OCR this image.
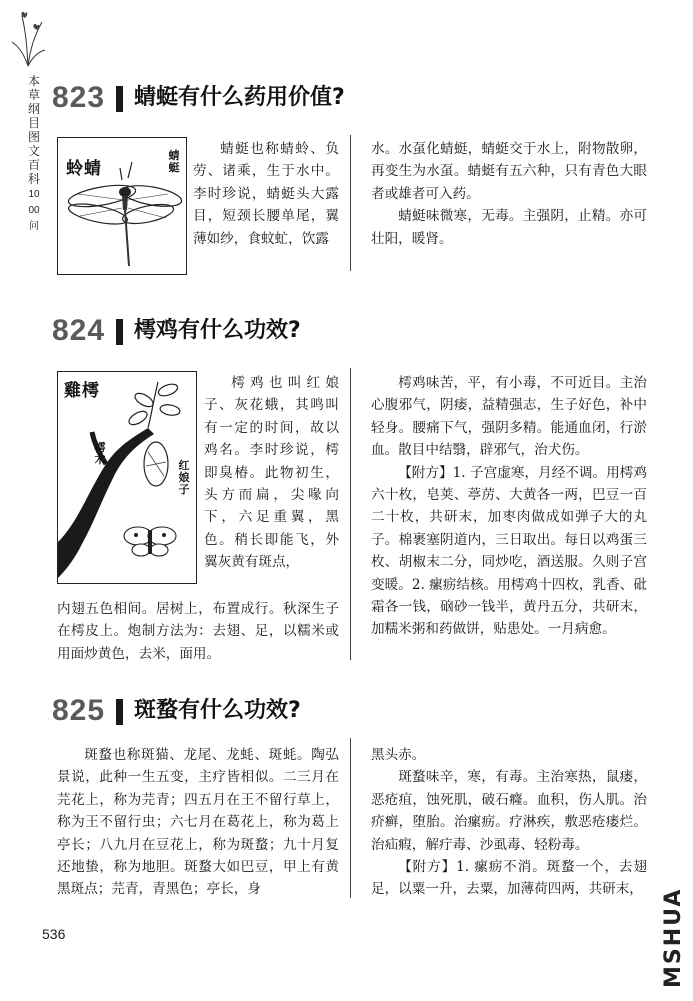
本草纲目图文百科
1000问
823 蜻蜓有什么药用价值?
蛉蜻
蜻蜓

蜻蜓也称蜻蛉、负劳、诸乘，生于水中。李时珍说，蜻蜓头大露目，短颈长腰单尾，翼薄如纱，食蚊虻，饮露

水。水虿化蜻蜓，蜻蜓交于水上，附物散卵，再变生为水虿。蜻蜓有五六种，只有青色大眼者或雄者可入药。

蜻蜓味微寒，无毒。主强阴，止精。亦可壮阳，暖肾。

824 樗鸡有什么功效?
雞樗
樗木	红娘子

樗鸡也叫红娘子、灰花蛾，其鸣叫有一定的时间，故以鸡名。李时珍说，樗即臭椿。此物初生，头方而扁，尖喙向下，六足重翼，黑色。稍长即能飞，外翼灰黄有斑点，

内翅五色相间。居树上，布置成行。秋深生子在樗皮上。炮制方法为：去翅、足，以糯米或用面炒黄色，去米，面用。

樗鸡味苦，平，有小毒，不可近目。主治心腹邪气，阴痿，益精强志，生子好色，补中轻身。腰痛下气，强阴多精。能通血闭，行淤血。散目中结翳，辟邪气，治犬伤。

【附方】1. 子宫虚寒，月经不调。用樗鸡六十枚，皂荚、葶苈、大黄各一两，巴豆一百二十枚，共研末，加枣肉做成如弹子大的丸子。棉裹塞阴道内，三日取出。每日以鸡蛋三枚、胡椒末二分，同炒吃，酒送服。久则子宫变暖。2. 瘰疬结核。用樗鸡十四枚，乳香、砒霜各一钱，硇砂一钱半，黄丹五分，共研末，加糯米粥和药做饼，贴患处。一月病愈。

825 斑蝥有什么功效?

斑蝥也称斑猫、龙尾、龙蚝、斑蚝。陶弘景说，此种一生五变，主疗皆相似。二三月在芫花上，称为芫青；四五月在王不留行草上，称为王不留行虫；六七月在葛花上，称为葛上亭长；八九月在豆花上，称为斑蝥；九十月复还地蛰，称为地胆。斑蝥大如巴豆，甲上有黄黑斑点；芫青，青黑色；亭长，身

黑头赤。

斑蝥味辛，寒，有毒。主治寒热，鼠瘘，恶疮疽，蚀死肌，破石癃。血积，伤人肌。治疥癣，堕胎。治瘰疬。疗淋疾，敷恶疮瘘烂。治疝瘕，解疔毒、沙虱毒、轻粉毒。

【附方】1. 瘰疬不消。斑蝥一个，去翅足，以粟一升，去粟，加薄荷四两，共研末，

536	MSHUA
